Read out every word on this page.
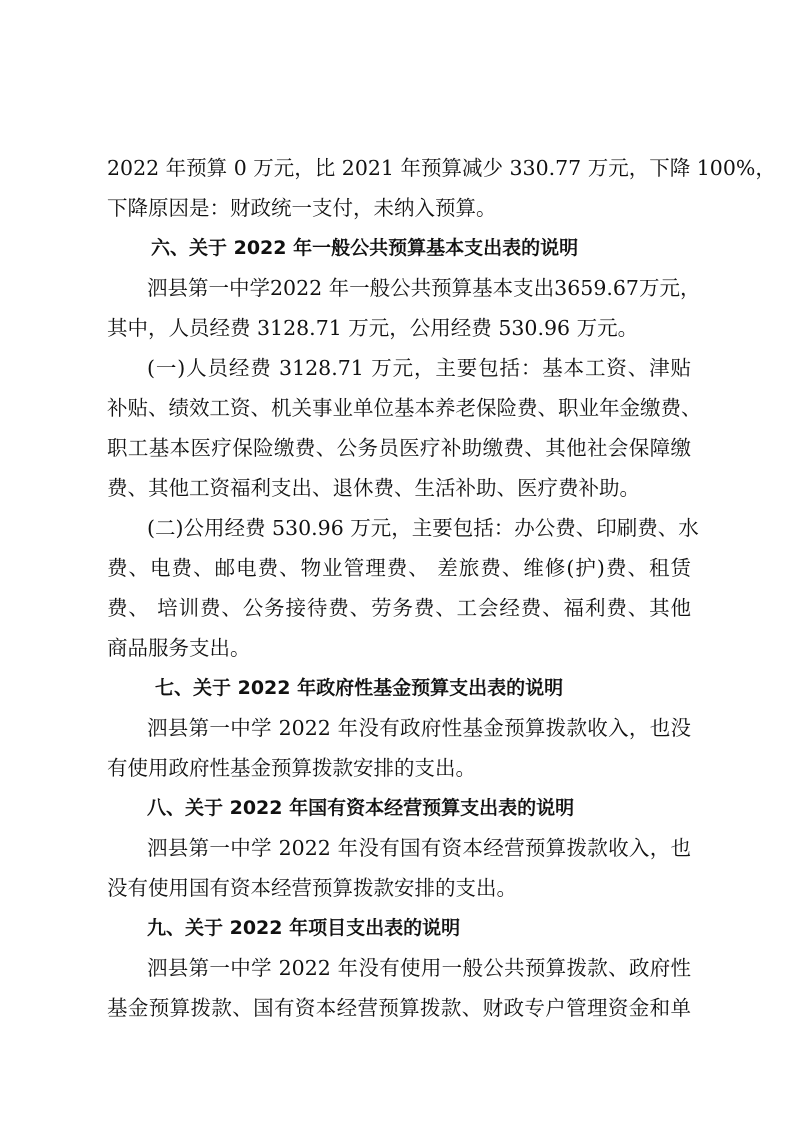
2022 年预算 0 万元，比 2021 年预算减少 330.77 万元，下降 100%，
下降原因是：财政统一支付，未纳入预算。
六、关于 2022 年一般公共预算基本支出表的说明
泗县第一中学2022 年一般公共预算基本支出3659.67万元，
其中，人员经费 3128.71 万元，公用经费 530.96 万元。
(一)人员经费 3128.71 万元，主要包括：基本工资、津贴
补贴、绩效工资、机关事业单位基本养老保险费、职业年金缴费、
职工基本医疗保险缴费、公务员医疗补助缴费、其他社会保障缴
费、其他工资福利支出、退休费、生活补助、医疗费补助。
(二)公用经费 530.96 万元，主要包括：办公费、印刷费、水
费、电费、邮电费、物业管理费、 差旅费、维修(护)费、租赁
费、 培训费、公务接待费、劳务费、工会经费、福利费、其他
商品服务支出。
七、关于 2022 年政府性基金预算支出表的说明
泗县第一中学 2022 年没有政府性基金预算拨款收入，也没
有使用政府性基金预算拨款安排的支出。
八、关于 2022 年国有资本经营预算支出表的说明
泗县第一中学 2022 年没有国有资本经营预算拨款收入，也
没有使用国有资本经营预算拨款安排的支出。
九、关于 2022 年项目支出表的说明
泗县第一中学 2022 年没有使用一般公共预算拨款、政府性
基金预算拨款、国有资本经营预算拨款、财政专户管理资金和单
